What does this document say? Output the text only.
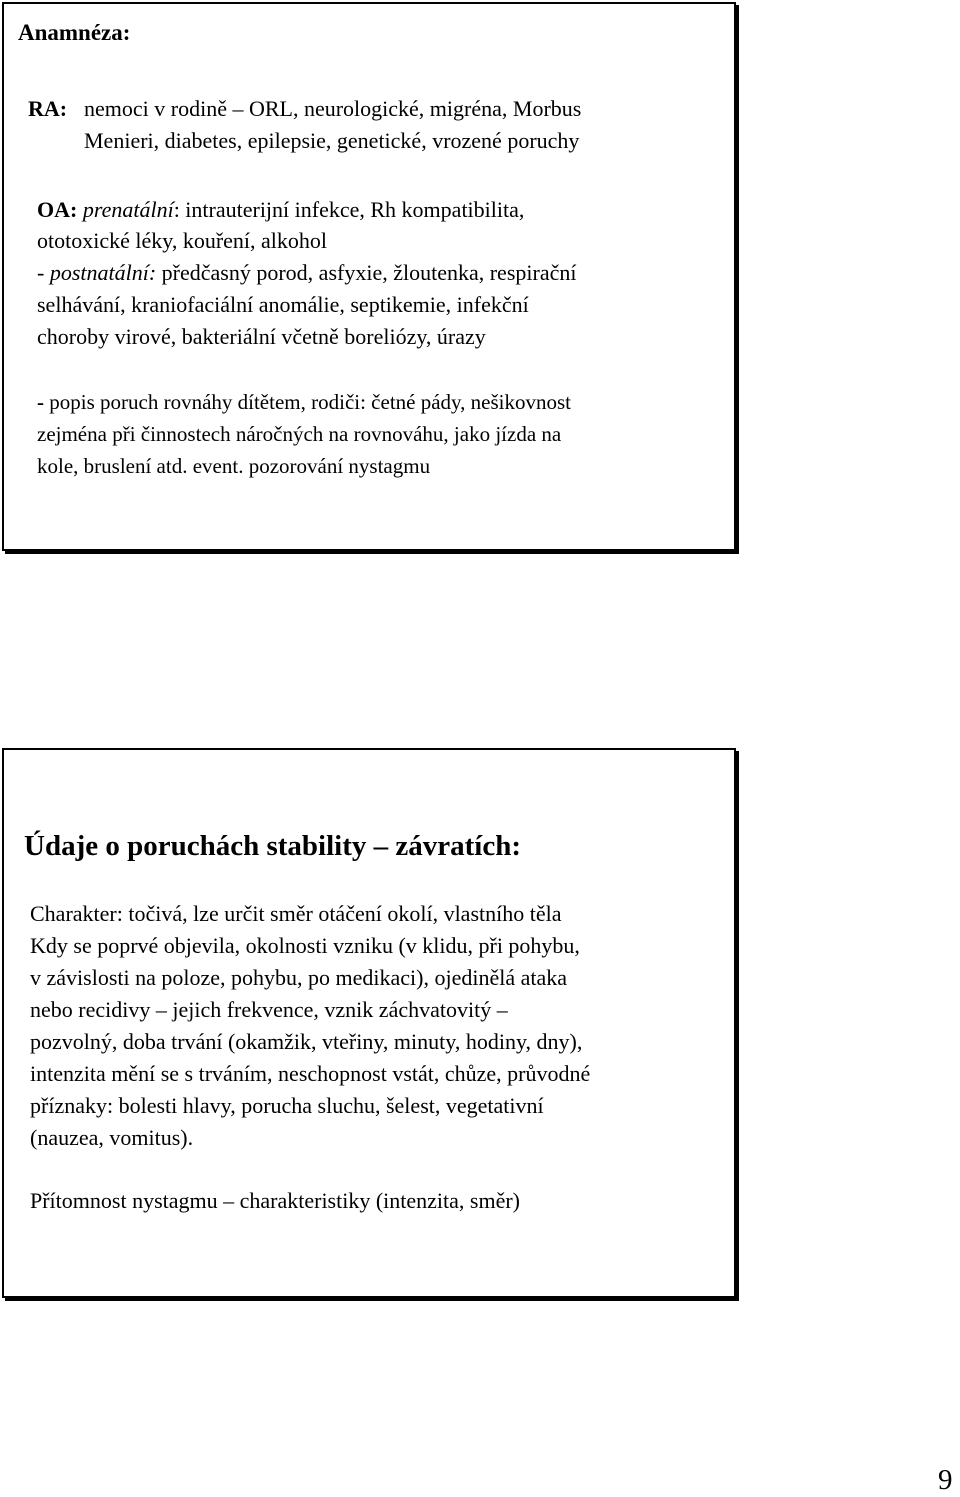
Anamnéza:
RA: nemoci v rodině – ORL, neurologické, migréna, Morbus
Menieri, diabetes, epilepsie, genetické, vrozené poruchy
OA: prenatální: intrauterijní infekce, Rh kompatibilita,
ototoxické léky, kouření, alkohol
- postnatální: předčasný porod, asfyxie, žloutenka, respirační
selhávání, kraniofaciální anomálie, septikemie, infekční
choroby virové, bakteriální včetně boreliózy, úrazy
- popis poruch rovnáhy dítětem, rodiči: četné pády, nešikovnost
zejména při činnostech náročných na rovnováhu, jako jízda na
kole, bruslení atd. event. pozorování nystagmu
Údaje o poruchách stability – závratích:
Charakter: točivá, lze určit směr otáčení okolí, vlastního těla
Kdy se poprvé objevila, okolnosti vzniku (v klidu, při pohybu,
v závislosti na poloze, pohybu, po medikaci), ojedinělá ataka
nebo recidivy – jejich frekvence, vznik záchvatovitý –
pozvolný, doba trvání (okamžik, vteřiny, minuty, hodiny, dny),
intenzita mění se s trváním, neschopnost vstát, chůze, průvodné
příznaky: bolesti hlavy, porucha sluchu, šelest, vegetativní
(nauzea, vomitus).
Přítomnost nystagmu – charakteristiky (intenzita, směr)
9
